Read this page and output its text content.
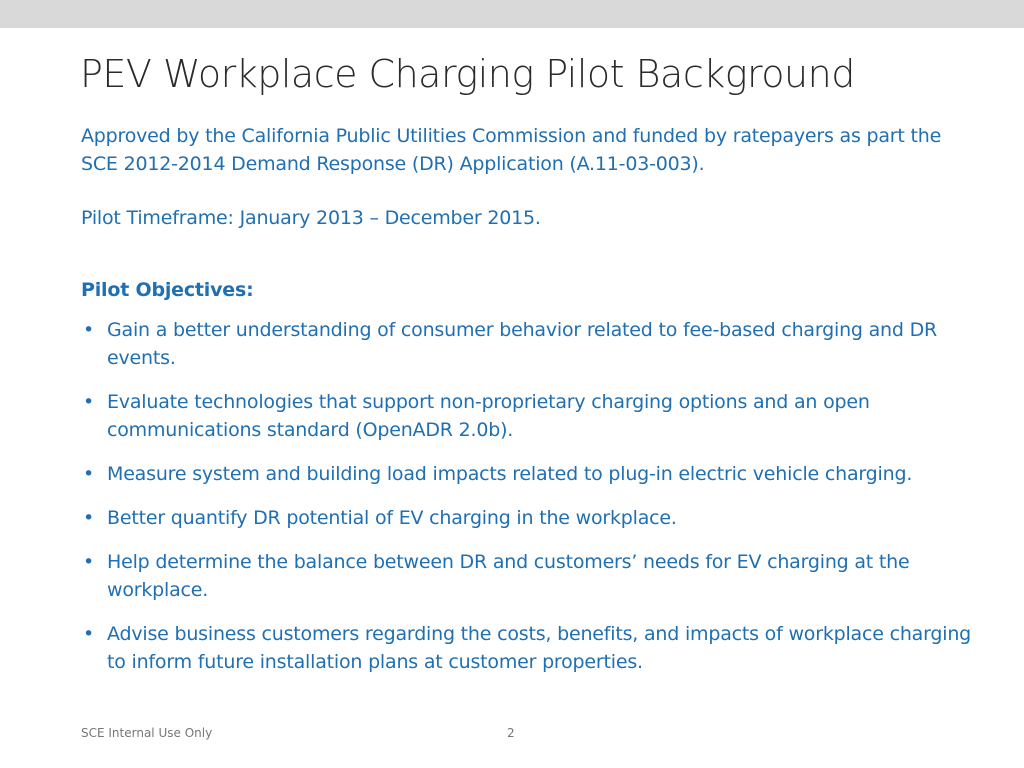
PEV Workplace Charging Pilot Background

Approved by the California Public Utilities Commission and funded by ratepayers as part the SCE 2012-2014 Demand Response (DR) Application (A.11-03-003).

Pilot Timeframe: January 2013 – December 2015.

Pilot Objectives:

• Gain a better understanding of consumer behavior related to fee-based charging and DR events.
• Evaluate technologies that support non-proprietary charging options and an open communications standard (OpenADR 2.0b).
• Measure system and building load impacts related to plug-in electric vehicle charging.
• Better quantify DR potential of EV charging in the workplace.
• Help determine the balance between DR and customers’ needs for EV charging at the workplace.
• Advise business customers regarding the costs, benefits, and impacts of workplace charging to inform future installation plans at customer properties.
SCE Internal Use Only	2
